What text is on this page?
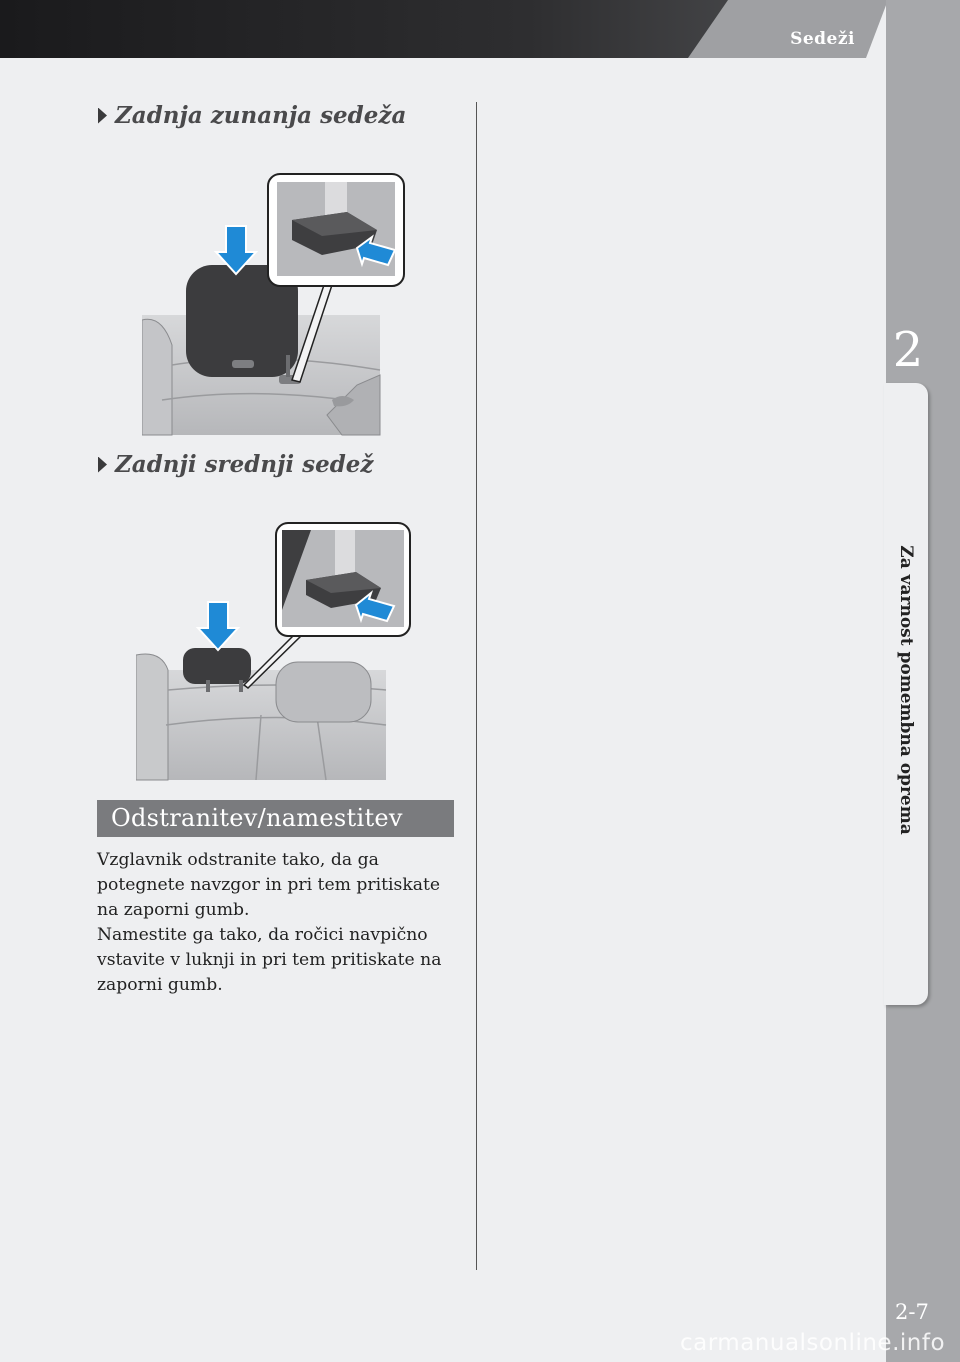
Sedeži
2
Za varnost pomembna oprema
Zadnja zunanja sedeža
Zadnji srednji sedež
Odstranitev/namestitev

Vzglavnik odstranite tako, da ga potegnete navzgor in pri tem pritiskate na zaporni gumb.

Namestite ga tako, da ročici navpično vstavite v luknji in pri tem pritiskate na zaporni gumb.

2-7
carmanualsonline.info
